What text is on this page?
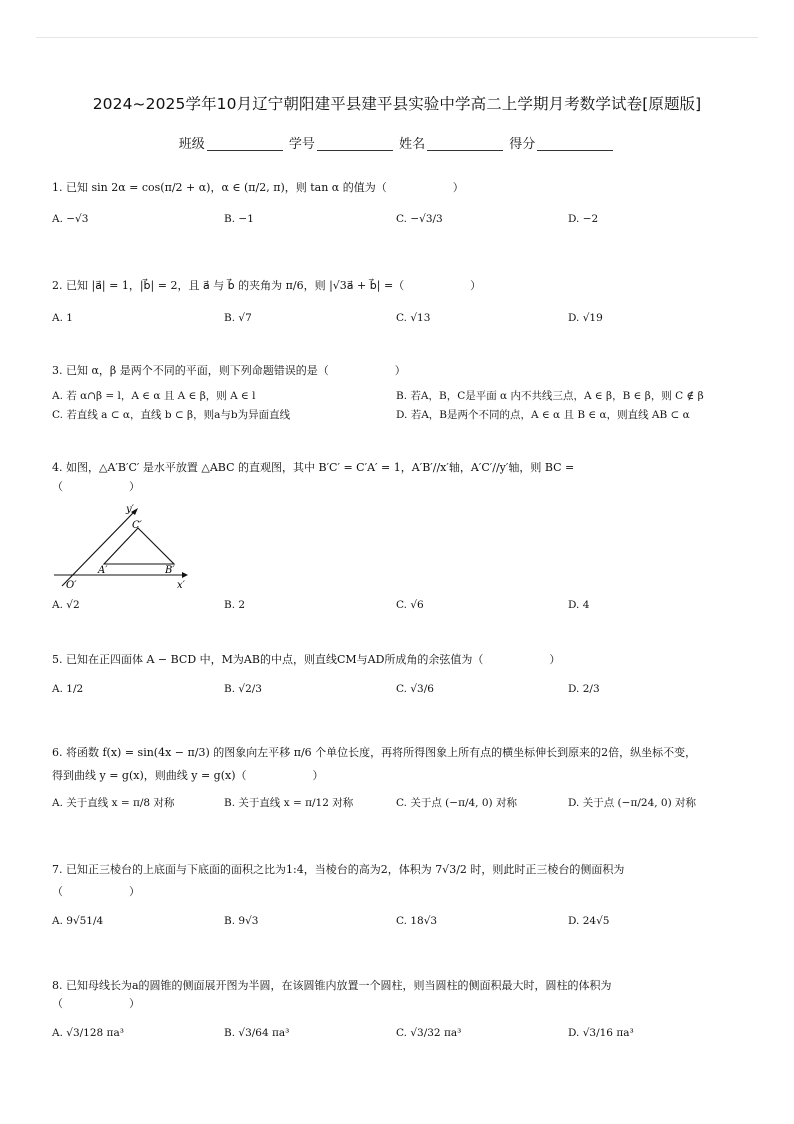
2024~2025学年10月辽宁朝阳建平县建平县实验中学高二上学期月考数学试卷[原题版]
班级	学号	姓名	得分
1. 已知 sin 2α = cos(π/2 + α)，α ∈ (π/2, π)，则 tan α 的值为（　　　　　　）
A. −√3	B. −1	C. −√3/3	D. −2
2. 已知 |a⃗| = 1，|b⃗| = 2，且 a⃗ 与 b⃗ 的夹角为 π/6，则 |√3a⃗ + b⃗| =（　　　　　　）
A. 1	B. √7	C. √13	D. √19
3. 已知 α，β 是两个不同的平面，则下列命题错误的是（　　　　　　）
A. 若 α∩β = l，A ∈ α 且 A ∈ β，则 A ∈ l	B. 若A，B，C是平面 α 内不共线三点，A ∈ β，B ∈ β，则 C ∉ β
C. 若直线 a ⊂ α，直线 b ⊂ β，则a与b为异面直线	D. 若A，B是两个不同的点，A ∈ α 且 B ∈ α，则直线 AB ⊂ α
4. 如图，△A′B′C′ 是水平放置 △ABC 的直观图，其中 B′C′ = C′A′ = 1，A′B′//x′轴，A′C′//y′轴，则 BC =
（　　　　　　）
y′
x′
O′
A′	B′
C′
A. √2	B. 2	C. √6	D. 4
5. 已知在正四面体 A − BCD 中，M为AB的中点，则直线CM与AD所成角的余弦值为（　　　　　　）
A. 1/2	B. √2/3	C. √3/6	D. 2/3
6. 将函数 f(x) = sin(4x − π/3) 的图象向左平移 π/6 个单位长度，再将所得图象上所有点的横坐标伸长到原来的2倍，纵坐标不变，
得到曲线 y = g(x)，则曲线 y = g(x)（　　　　　　）
A. 关于直线 x = π/8 对称	B. 关于直线 x = π/12 对称	C. 关于点 (−π/4, 0) 对称	D. 关于点 (−π/24, 0) 对称
7. 已知正三棱台的上底面与下底面的面积之比为1:4，当棱台的高为2，体积为 7√3/2 时，则此时正三棱台的侧面积为
（　　　　　　）
A. 9√51/4	B. 9√3	C. 18√3	D. 24√5
8. 已知母线长为a的圆锥的侧面展开图为半圆，在该圆锥内放置一个圆柱，则当圆柱的侧面积最大时，圆柱的体积为
（　　　　　　）
A. √3/128 πa³	B. √3/64 πa³	C. √3/32 πa³	D. √3/16 πa³
